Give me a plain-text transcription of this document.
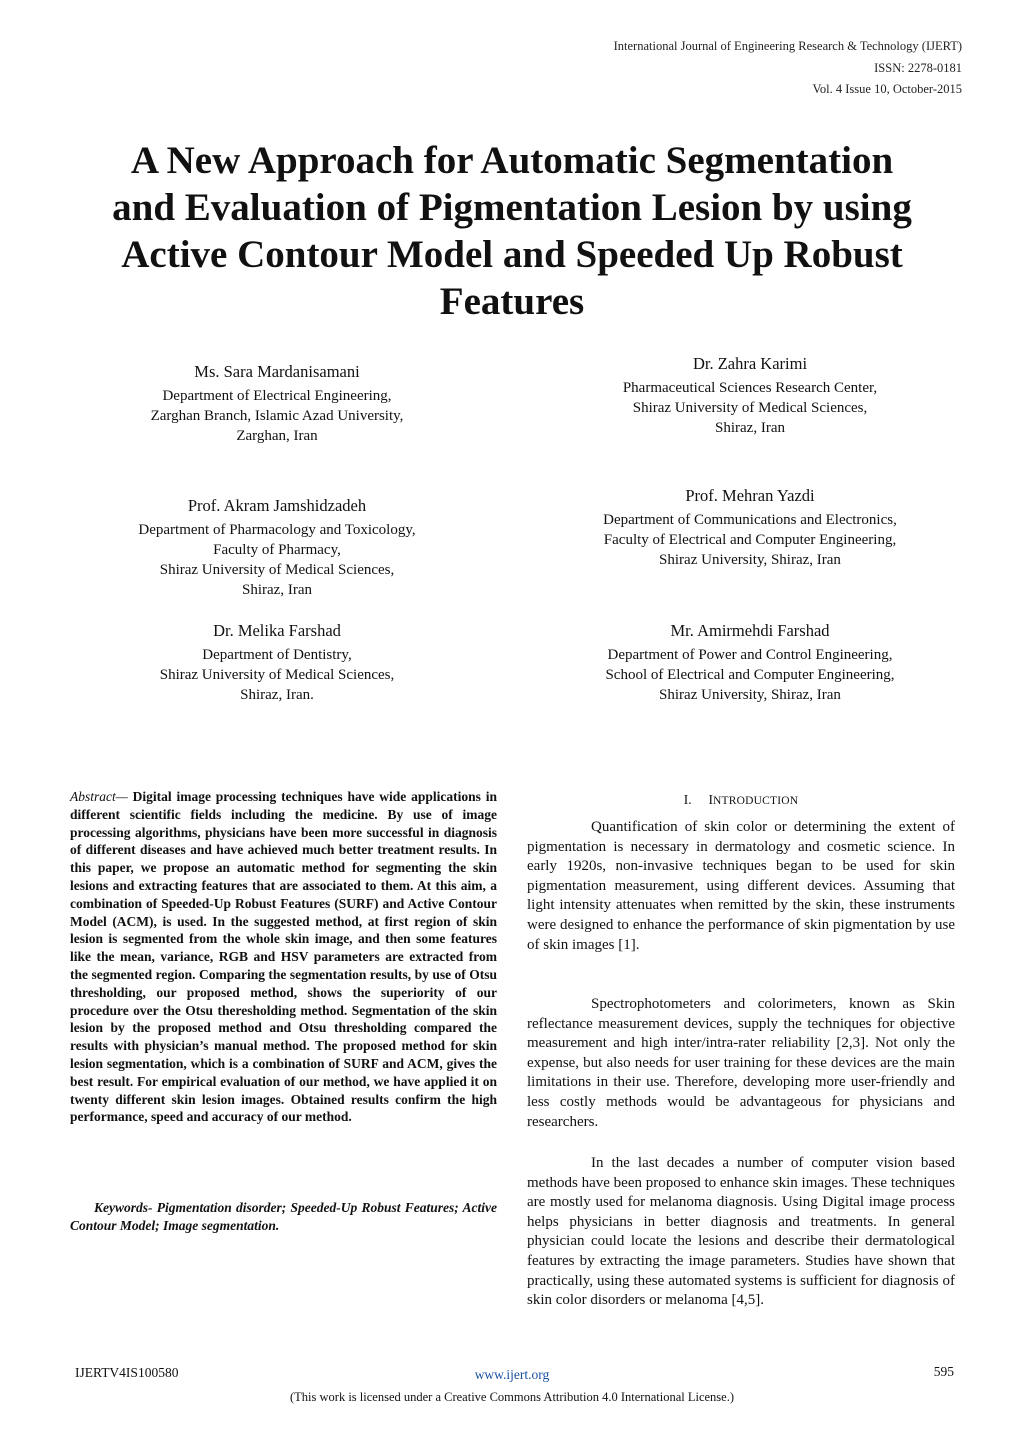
International Journal of Engineering Research & Technology (IJERT)
ISSN: 2278-0181
Vol. 4 Issue 10, October-2015
A New Approach for Automatic Segmentation
and Evaluation of Pigmentation Lesion by using
Active Contour Model and Speeded Up Robust
Features
Ms. Sara Mardanisamani
Department of Electrical Engineering,
Zarghan Branch, Islamic Azad University,
Zarghan, Iran
Dr. Zahra Karimi
Pharmaceutical Sciences Research Center,
Shiraz University of Medical Sciences,
Shiraz, Iran
Prof. Akram Jamshidzadeh
Department of Pharmacology and Toxicology,
Faculty of Pharmacy,
Shiraz University of Medical Sciences,
Shiraz, Iran
Prof. Mehran Yazdi
Department of Communications and Electronics,
Faculty of Electrical and Computer Engineering,
Shiraz University, Shiraz, Iran
Dr. Melika Farshad
Department of Dentistry,
Shiraz University of Medical Sciences,
Shiraz, Iran.
Mr. Amirmehdi Farshad
Department of Power and Control Engineering,
School of Electrical and Computer Engineering,
Shiraz University, Shiraz, Iran
Abstract— Digital image processing techniques have wide applications in different scientific fields including the medicine. By use of image processing algorithms, physicians have been more successful in diagnosis of different diseases and have achieved much better treatment results. In this paper, we propose an automatic method for segmenting the skin lesions and extracting features that are associated to them. At this aim, a combination of Speeded-Up Robust Features (SURF) and Active Contour Model (ACM), is used. In the suggested method, at first region of skin lesion is segmented from the whole skin image, and then some features like the mean, variance, RGB and HSV parameters are extracted from the segmented region. Comparing the segmentation results, by use of Otsu thresholding, our proposed method, shows the superiority of our procedure over the Otsu theresholding method. Segmentation of the skin lesion by the proposed method and Otsu thresholding compared the results with physician’s manual method. The proposed method for skin lesion segmentation, which is a combination of SURF and ACM, gives the best result. For empirical evaluation of our method, we have applied it on twenty different skin lesion images. Obtained results confirm the high performance, speed and accuracy of our method.
Keywords- Pigmentation disorder; Speeded-Up Robust Features; Active Contour Model; Image segmentation.
I. INTRODUCTION

Quantification of skin color or determining the extent of pigmentation is necessary in dermatology and cosmetic science. In early 1920s, non-invasive techniques began to be used for skin pigmentation measurement, using different devices. Assuming that light intensity attenuates when remitted by the skin, these instruments were designed to enhance the performance of skin pigmentation by use of skin images [1].

Spectrophotometers and colorimeters, known as Skin reflectance measurement devices, supply the techniques for objective measurement and high inter/intra-rater reliability [2,3]. Not only the expense, but also needs for user training for these devices are the main limitations in their use. Therefore, developing more user-friendly and less costly methods would be advantageous for physicians and researchers.

In the last decades a number of computer vision based methods have been proposed to enhance skin images. These techniques are mostly used for melanoma diagnosis. Using Digital image process helps physicians in better diagnosis and treatments. In general physician could locate the lesions and describe their dermatological features by extracting the image parameters. Studies have shown that practically, using these automated systems is sufficient for diagnosis of skin color disorders or melanoma [4,5].

IJERTV4IS100580	www.ijert.org	595
(This work is licensed under a Creative Commons Attribution 4.0 International License.)
